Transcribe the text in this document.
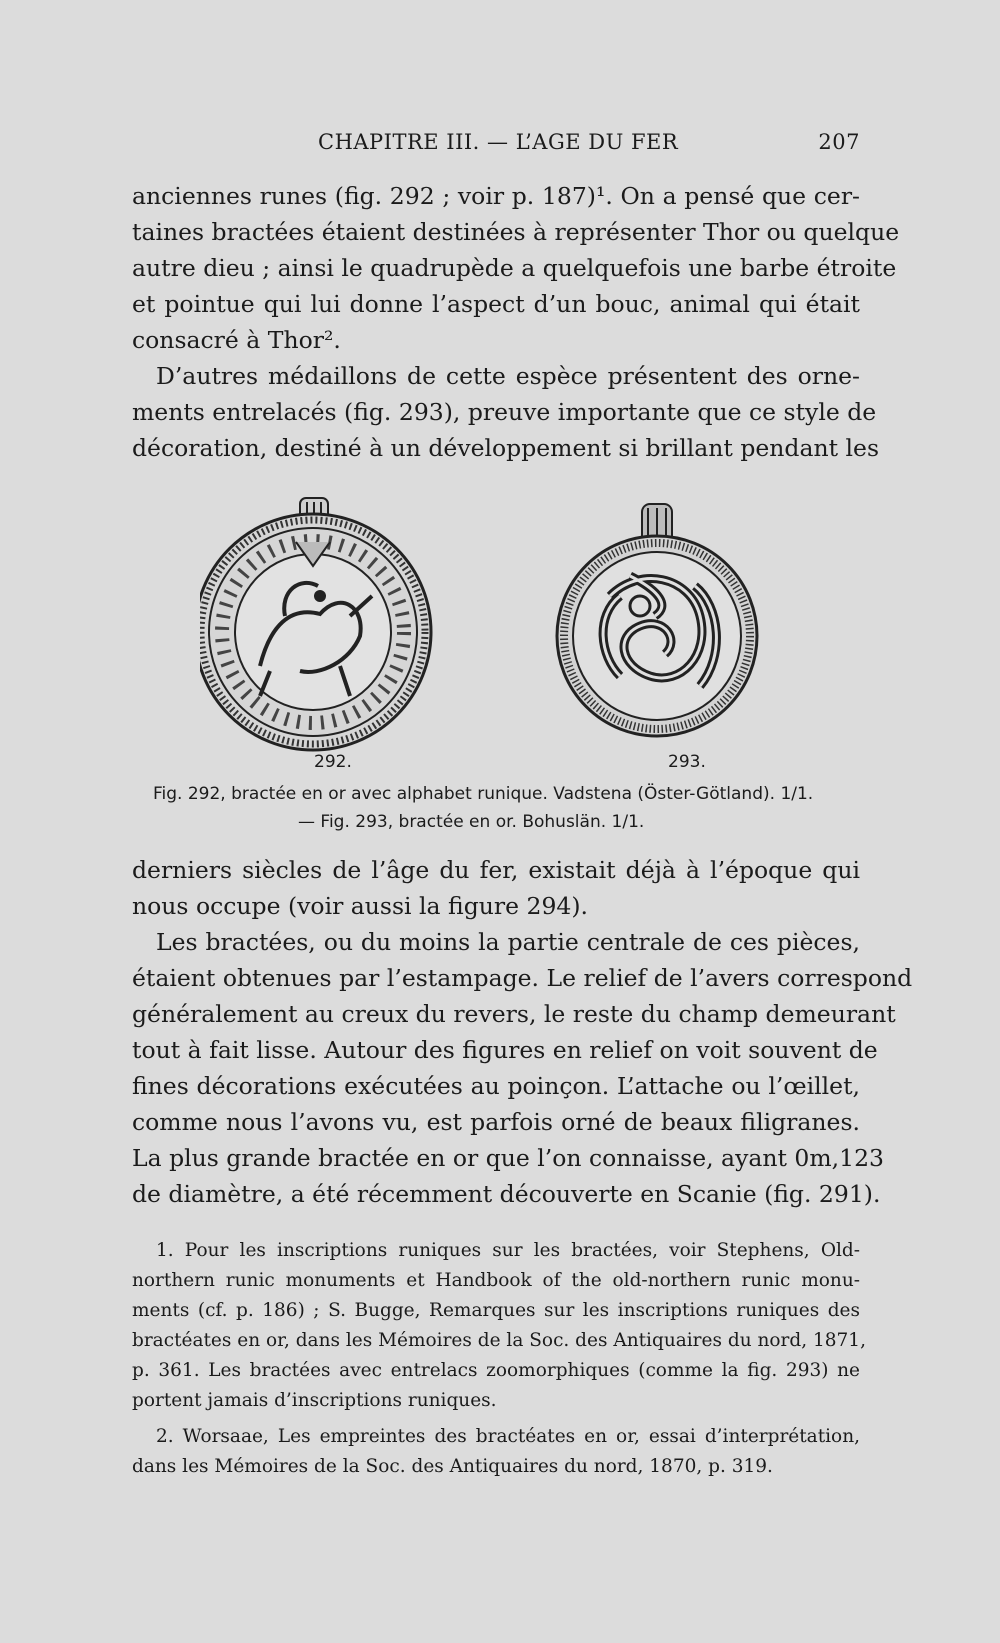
CHAPITRE III. — L’AGE DU FER	207
anciennes runes (fig. 292 ; voir p. 187)¹. On a pensé que cer-
taines bractées étaient destinées à représenter Thor ou quelque
autre dieu ; ainsi le quadrupède a quelquefois une barbe étroite
et pointue qui lui donne l’aspect d’un bouc, animal qui était
consacré à Thor².
D’autres médaillons de cette espèce présentent des orne-
ments entrelacés (fig. 293), preuve importante que ce style de
décoration, destiné à un développement si brillant pendant les
292.	293.
Fig. 292, bractée en or avec alphabet runique. Vadstena (Öster-Götland). 1/1.
— Fig. 293, bractée en or. Bohuslän. 1/1.
derniers siècles de l’âge du fer, existait déjà à l’époque qui
nous occupe (voir aussi la figure 294).
Les bractées, ou du moins la partie centrale de ces pièces,
étaient obtenues par l’estampage. Le relief de l’avers correspond
généralement au creux du revers, le reste du champ demeurant
tout à fait lisse. Autour des figures en relief on voit souvent de
fines décorations exécutées au poinçon. L’attache ou l’œillet,
comme nous l’avons vu, est parfois orné de beaux filigranes.
La plus grande bractée en or que l’on connaisse, ayant 0m,123
de diamètre, a été récemment découverte en Scanie (fig. 291).
1. Pour les inscriptions runiques sur les bractées, voir Stephens, Old-
northern runic monuments et Handbook of the old-northern runic monu-
ments (cf. p. 186) ; S. Bugge, Remarques sur les inscriptions runiques des
bractéates en or, dans les Mémoires de la Soc. des Antiquaires du nord, 1871,
p. 361. Les bractées avec entrelacs zoomorphiques (comme la fig. 293) ne
portent jamais d’inscriptions runiques.
2. Worsaae, Les empreintes des bractéates en or, essai d’interprétation,
dans les Mémoires de la Soc. des Antiquaires du nord, 1870, p. 319.
